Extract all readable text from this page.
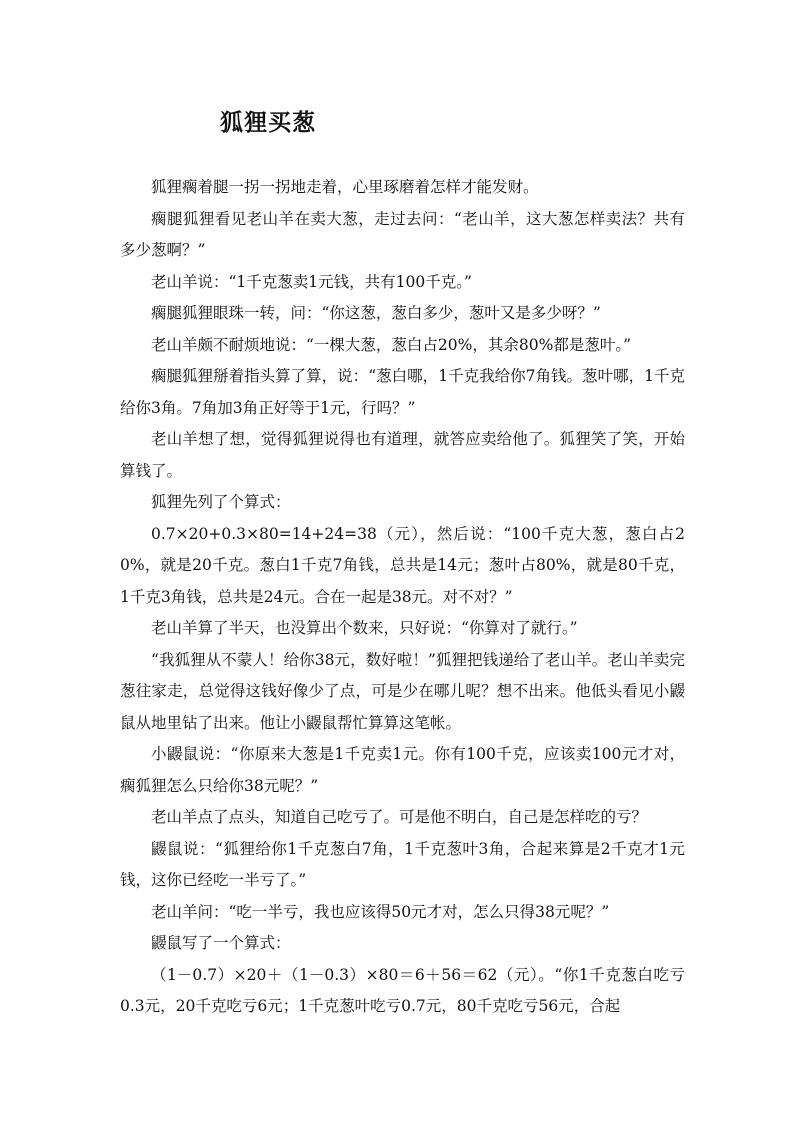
狐狸买葱

狐狸瘸着腿一拐一拐地走着，心里琢磨着怎样才能发财。

瘸腿狐狸看见老山羊在卖大葱，走过去问：“老山羊，这大葱怎样卖法？共有多少葱啊？”

老山羊说：“1千克葱卖1元钱，共有100千克。”

瘸腿狐狸眼珠一转，问：“你这葱，葱白多少，葱叶又是多少呀？”

老山羊颇不耐烦地说：“一棵大葱，葱白占20%，其余80%都是葱叶。”

瘸腿狐狸掰着指头算了算，说：“葱白哪，1千克我给你7角钱。葱叶哪，1千克给你3角。7角加3角正好等于1元，行吗？”

老山羊想了想，觉得狐狸说得也有道理，就答应卖给他了。狐狸笑了笑，开始算钱了。

狐狸先列了个算式：

0.7×20+0.3×80=14+24=38（元），然后说：“100千克大葱，葱白占20%，就是20千克。葱白1千克7角钱，总共是14元；葱叶占80%，就是80千克，1千克3角钱，总共是24元。合在一起是38元。对不对？”

老山羊算了半天，也没算出个数来，只好说：“你算对了就行。”

“我狐狸从不蒙人！给你38元，数好啦！”狐狸把钱递给了老山羊。老山羊卖完葱往家走，总觉得这钱好像少了点，可是少在哪儿呢？想不出来。他低头看见小鼹鼠从地里钻了出来。他让小鼹鼠帮忙算算这笔帐。

小鼹鼠说：“你原来大葱是1千克卖1元。你有100千克，应该卖100元才对，瘸狐狸怎么只给你38元呢？”

老山羊点了点头，知道自己吃亏了。可是他不明白，自己是怎样吃的亏？

鼹鼠说：“狐狸给你1千克葱白7角，1千克葱叶3角，合起来算是2千克才1元钱，这你已经吃一半亏了。”

老山羊问：“吃一半亏，我也应该得50元才对，怎么只得38元呢？”

鼹鼠写了一个算式：

（1－0.7）×20＋（1－0.3）×80＝6＋56＝62（元）。“你1千克葱白吃亏0.3元，20千克吃亏6元；1千克葱叶吃亏0.7元，80千克吃亏56元，合起
